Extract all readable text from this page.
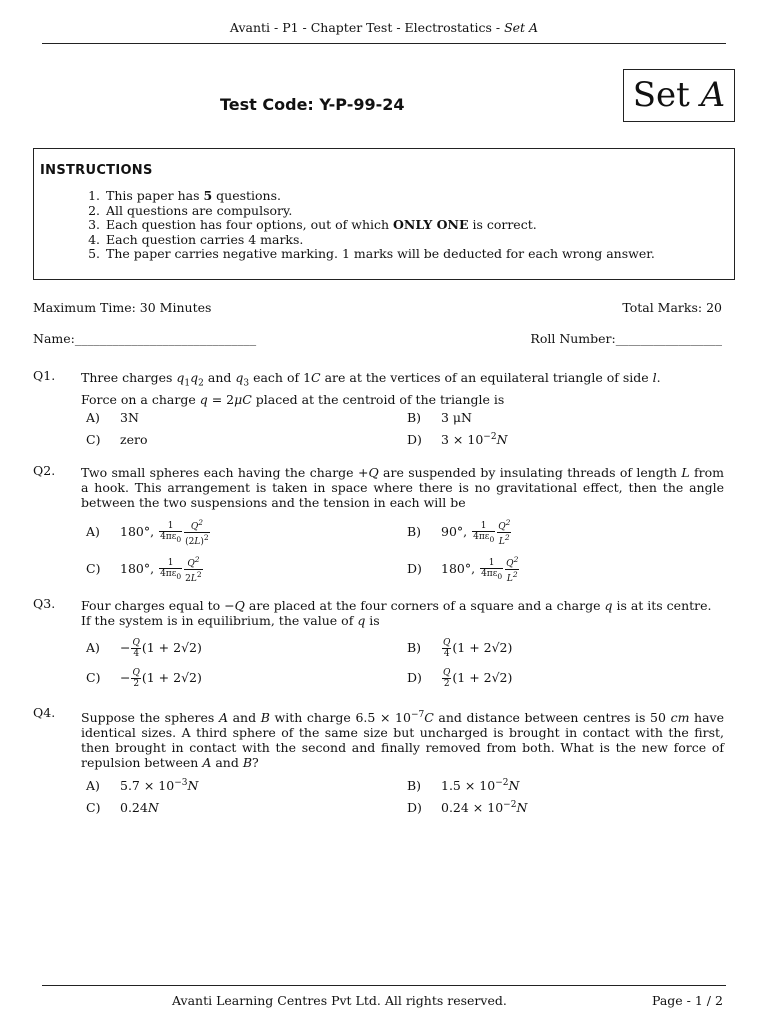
Avanti - P1 - Chapter Test - Electrostatics - Set A
Set A
Test Code: Y-P-99-24
INSTRUCTIONS
1. This paper has 5 questions.
2. All questions are compulsory.
3. Each question has four options, out of which ONLY ONE is correct.
4. Each question carries 4 marks.
5. The paper carries negative marking. 1 marks will be deducted for each wrong answer.
Maximum Time: 30 Minutes	Total Marks: 20
Name:_____________________________	Roll Number:_________________
Q1. Three charges $q_1q_2$ and $q_3$ each of 1C are at the vertices of an equilateral triangle of side l.
Force on a charge q = 2μC placed at the centroid of the triangle is
A) 3N	B) 3 μN
C) zero	D) $3 \times 10^{-2}N$
Q2. Two small spheres each having the charge +Q are suspended by insulating threads of length L from a hook. This arrangement is taken in space where there is no gravitational effect, then the angle between the two suspensions and the tension in each will be
A) 180°, $\frac{1}{4\pi\varepsilon_0} \frac{Q^2}{(2L)^2}$	B) 90°, $\frac{1}{4\pi\varepsilon_0} \frac{Q^2}{L^2}$
C) 180°, $\frac{1}{4\pi\varepsilon_0} \frac{Q^2}{2L^2}$	D) 180°, $\frac{1}{4\pi\varepsilon_0} \frac{Q^2}{L^2}$
Q3. Four charges equal to −Q are placed at the four corners of a square and a charge q is at its centre. If the system is in equilibrium, the value of q is
$A) - \frac{Q}{4} (1 + 2√2)$	$B) \frac{Q}{4} (1 + 2√2)$
$C) - \frac{Q}{2} (1 + 2√2)$	$D) \frac{Q}{2} (1 + 2√2)$
Q4. Suppose the spheres A and B with charge $6.5 \times 10^{-7}C$ and distance between centres is 50 cm have identical sizes. A third sphere of the same size but uncharged is brought in contact with the first, then brought in contact with the second and finally removed from both. What is the new force of repulsion between A and B?
A) $5.7 \times 10^{-3}N$	B) $1.5 \times 10^{-2}N$
C) 0.24N	D) $0.24 \times 10^{-2}N$
Avanti Learning Centres Pvt Ltd. All rights reserved.	Page - 1 / 2
